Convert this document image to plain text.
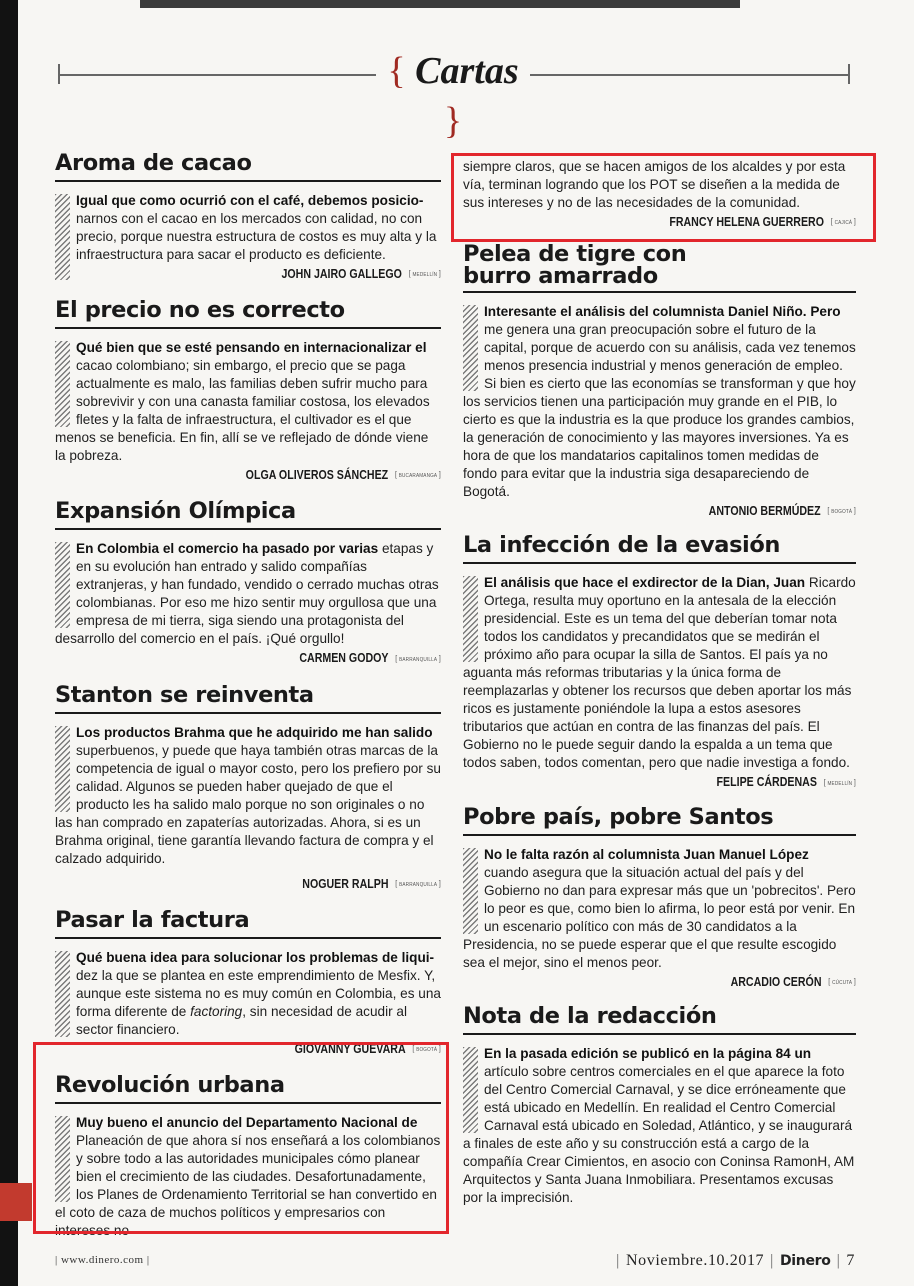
{ Cartas }
Aroma de cacao

Igual que como ocurrió con el café, debemos posicio- narnos con el cacao en los mercados con calidad, no con precio, porque nuestra estructura de costos es muy alta y la infraestructura para sacar el producto es deficiente.

JOHN JAIRO GALLEGO [ MEDELLÍN ]
El precio no es correcto

Qué bien que se esté pensando en internacionalizar el cacao colombiano; sin embargo, el precio que se paga actualmente es malo, las familias deben sufrir mucho para sobrevivir y con una canasta familiar costosa, los elevados fletes y la falta de infraestructura, el cultivador es el que menos se beneficia. En fin, allí se ve reflejado de dónde viene la pobreza.

OLGA OLIVEROS SÁNCHEZ [ BUCARAMANGA ]
Expansión Olímpica

En Colombia el comercio ha pasado por varias etapas y en su evolución han entrado y salido compañías extranjeras, y han fundado, vendido o cerrado muchas otras colombianas. Por eso me hizo sentir muy orgullosa que una empresa de mi tierra, siga siendo una protagonista del desarrollo del comercio en el país. ¡Qué orgullo!

CARMEN GODOY [ BARRANQUILLA ]
Stanton se reinventa

Los productos Brahma que he adquirido me han salido superbuenos, y puede que haya también otras marcas de la competencia de igual o mayor costo, pero los prefiero por su calidad. Algunos se pueden haber quejado de que el producto les ha salido malo porque no son originales o no las han comprado en zapaterías autorizadas. Ahora, si es un Brahma original, tiene garantía llevando factura de compra y el calzado adquirido.

NOGUER RALPH [ BARRANQUILLA ]
Pasar la factura

Qué buena idea para solucionar los problemas de liqui- dez la que se plantea en este emprendimiento de Mesfix. Y, aunque este sistema no es muy común en Colombia, es una forma diferente de factoring, sin necesidad de acudir al sector financiero.

GIOVANNY GUEVARA [ BOGOTÁ ]
Revolución urbana

Muy bueno el anuncio del Departamento Nacional de Planeación de que ahora sí nos enseñará a los colombianos y sobre todo a las autoridades municipales cómo planear bien el crecimiento de las ciudades. Desafortunadamente, los Planes de Ordenamiento Territorial se han convertido en el coto de caza de muchos políticos y empresarios con intereses no

siempre claros, que se hacen amigos de los alcaldes y por esta vía, terminan logrando que los POT se diseñen a la medida de sus intereses y no de las necesidades de la comunidad.

FRANCY HELENA GUERRERO [ CAJICÁ ]
Pelea de tigre con
burro amarrado

Interesante el análisis del columnista Daniel Niño. Pero me genera una gran preocupación sobre el futuro de la capital, porque de acuerdo con su análisis, cada vez tenemos menos presencia industrial y menos generación de empleo. Si bien es cierto que las economías se transforman y que hoy los servicios tienen una participación muy grande en el PIB, lo cierto es que la industria es la que produce los grandes cambios, la generación de conocimiento y las mayores inversiones. Ya es hora de que los mandatarios capitalinos tomen medidas de fondo para evitar que la industria siga desapareciendo de Bogotá.

ANTONIO BERMÚDEZ [ BOGOTÁ ]
La infección de la evasión

El análisis que hace el exdirector de la Dian, Juan Ricardo Ortega, resulta muy oportuno en la antesala de la elección presidencial. Este es un tema del que deberían tomar nota todos los candidatos y precandidatos que se medirán el próximo año para ocupar la silla de Santos. El país ya no aguanta más reformas tributarias y la única forma de reemplazarlas y obtener los recursos que deben aportar los más ricos es justamente poniéndole la lupa a estos asesores tributarios que actúan en contra de las finanzas del país. El Gobierno no le puede seguir dando la espalda a un tema que todos saben, todos comentan, pero que nadie investiga a fondo.

FELIPE CÁRDENAS [ MEDELLÍN ]
Pobre país, pobre Santos

No le falta razón al columnista Juan Manuel López cuando asegura que la situación actual del país y del Gobierno no dan para expresar más que un 'pobrecitos'. Pero lo peor es que, como bien lo afirma, lo peor está por venir. En un escenario político con más de 30 candidatos a la Presidencia, no se puede esperar que el que resulte escogido sea el mejor, sino el menos peor.

ARCADIO CERÓN [ CÚCUTA ]
Nota de la redacción

En la pasada edición se publicó en la página 84 un artículo sobre centros comerciales en el que aparece la foto del Centro Comercial Carnaval, y se dice erróneamente que está ubicado en Medellín. En realidad el Centro Comercial Carnaval está ubicado en Soledad, Atlántico, y se inaugurará a finales de este año y su construcción está a cargo de la compañía Crear Cimientos, en asocio con Coninsa RamonH, AM Arquitectos y Santa Juana Inmobiliara. Presentamos excusas por la imprecisión.

| www.dinero.com |	| Noviembre.10.2017 | Dinero | 7
